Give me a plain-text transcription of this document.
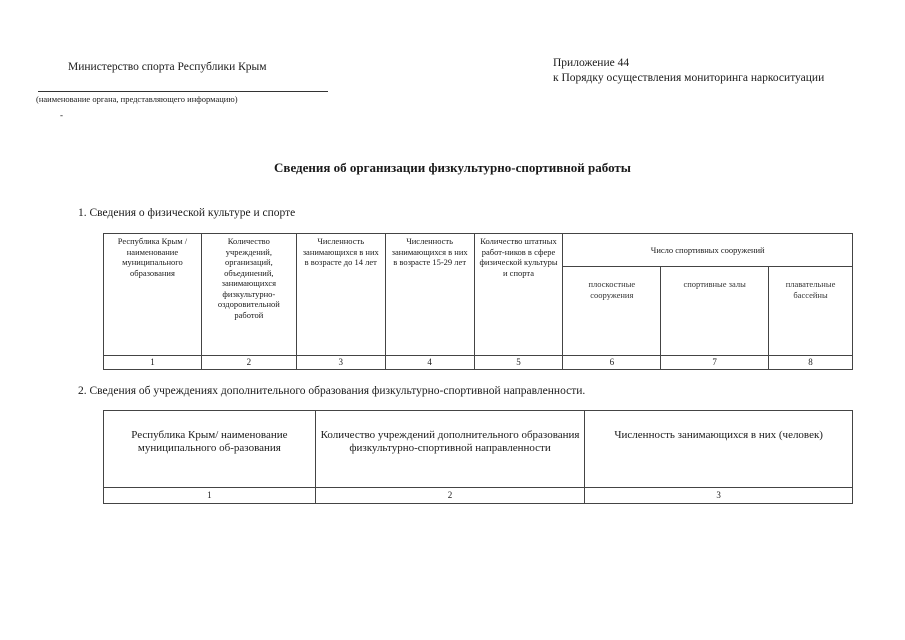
Министерство спорта Республики Крым
(наименование органа, представляющего информацию)
-
Приложение 44
к Порядку осуществления мониторинга наркоситуации
Сведения об организации физкультурно-спортивной работы
1. Сведения о физической культуре и спорте
Республика Крым /наименование муниципального образования	Количество учреждений, организаций, объединений, занимающихся физкультурно-оздоровительной работой	Численность занимающихся в них в возрасте до 14 лет	Численность занимающихся в них в возрасте 15-29 лет	Количество штатных работ-ников в сфере физической культуры и спорта	Число спортивных сооружений		
					плоскостные сооружения	спортивные залы	плавательные бассейны
1	2	3	4	5	6	7	8
2. Сведения об учреждениях дополнительного образования физкультурно-спортивной направленности.
Республика Крым/ наименование муниципального об-разования	Количество учреждений дополнительного образования физкультурно-спортивной направленности	Численность занимающихся в них (человек)
1	2	3
